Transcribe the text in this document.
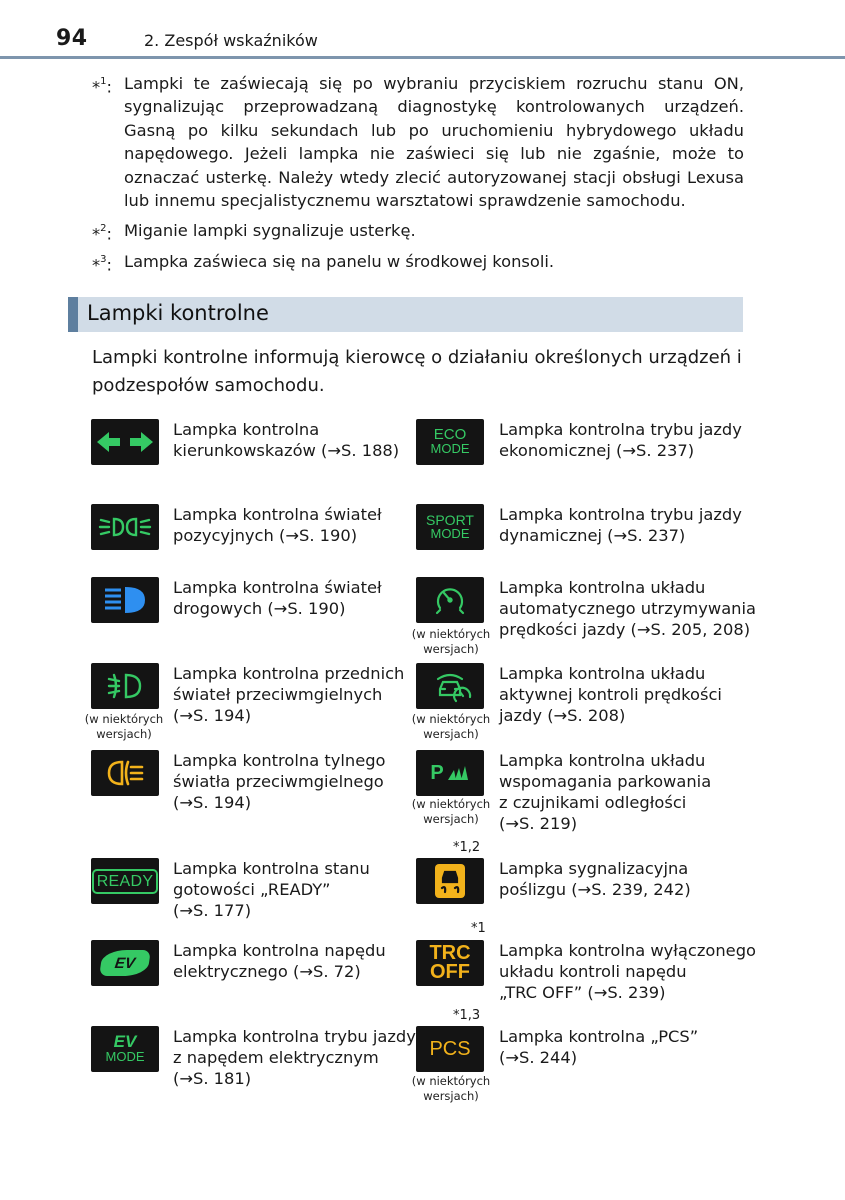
94	2. Zespół wskaźników
*$^1$: Lampki te zaświecają się po wybraniu przyciskiem rozruchu stanu ON, sygnalizując przeprowadzaną diagnostykę kontrolowanych urządzeń. Gasną po kilku sekundach lub po uruchomieniu hybrydowego układu napędowego. Jeżeli lampka nie zaświeci się lub nie zgaśnie, może to oznaczać usterkę. Należy wtedy zlecić autoryzowanej stacji obsługi Lexusa lub innemu specjalistycznemu warsztatowi sprawdzenie samochodu.
*$^2$: Miganie lampki sygnalizuje usterkę.
*$^3$: Lampka zaświeca się na panelu w środkowej konsoli.
Lampki kontrolne
Lampki kontrolne informują kierowcę o działaniu określonych urządzeń i podzespołów samochodu.
Lampka kontrolna
kierunkowskazów (→S. 188)
Lampka kontrolna świateł
pozycyjnych (→S. 190)
Lampka kontrolna świateł
drogowych (→S. 190)
(w niektórych wersjach)
Lampka kontrolna przednich
świateł przeciwmgielnych
(→S. 194)
Lampka kontrolna tylnego
światła przeciwmgielnego
(→S. 194)
READY
Lampka kontrolna stanu
gotowości „READY”
(→S. 177)
EV
Lampka kontrolna napędu
elektrycznego (→S. 72)
EV
MODE
Lampka kontrolna trybu jazdy
z napędem elektrycznym
(→S. 181)
ECO
MODE
Lampka kontrolna trybu jazdy
ekonomicznej (→S. 237)
SPORT
MODE
Lampka kontrolna trybu jazdy
dynamicznej (→S. 237)
(w niektórych wersjach)
Lampka kontrolna układu
automatycznego utrzymywania
prędkości jazdy (→S. 205, 208)
(w niektórych wersjach)
Lampka kontrolna układu
aktywnej kontroli prędkości
jazdy (→S. 208)
P
(w niektórych wersjach)
Lampka kontrolna układu
wspomagania parkowania
z czujnikami odległości
(→S. 219)
*1,2
Lampka sygnalizacyjna
poślizgu (→S. 239, 242)
*1
TRC
OFF
Lampka kontrolna wyłączonego
układu kontroli napędu
„TRC OFF” (→S. 239)
*1,3
PCS
(w niektórych wersjach)
Lampka kontrolna „PCS”
(→S. 244)
